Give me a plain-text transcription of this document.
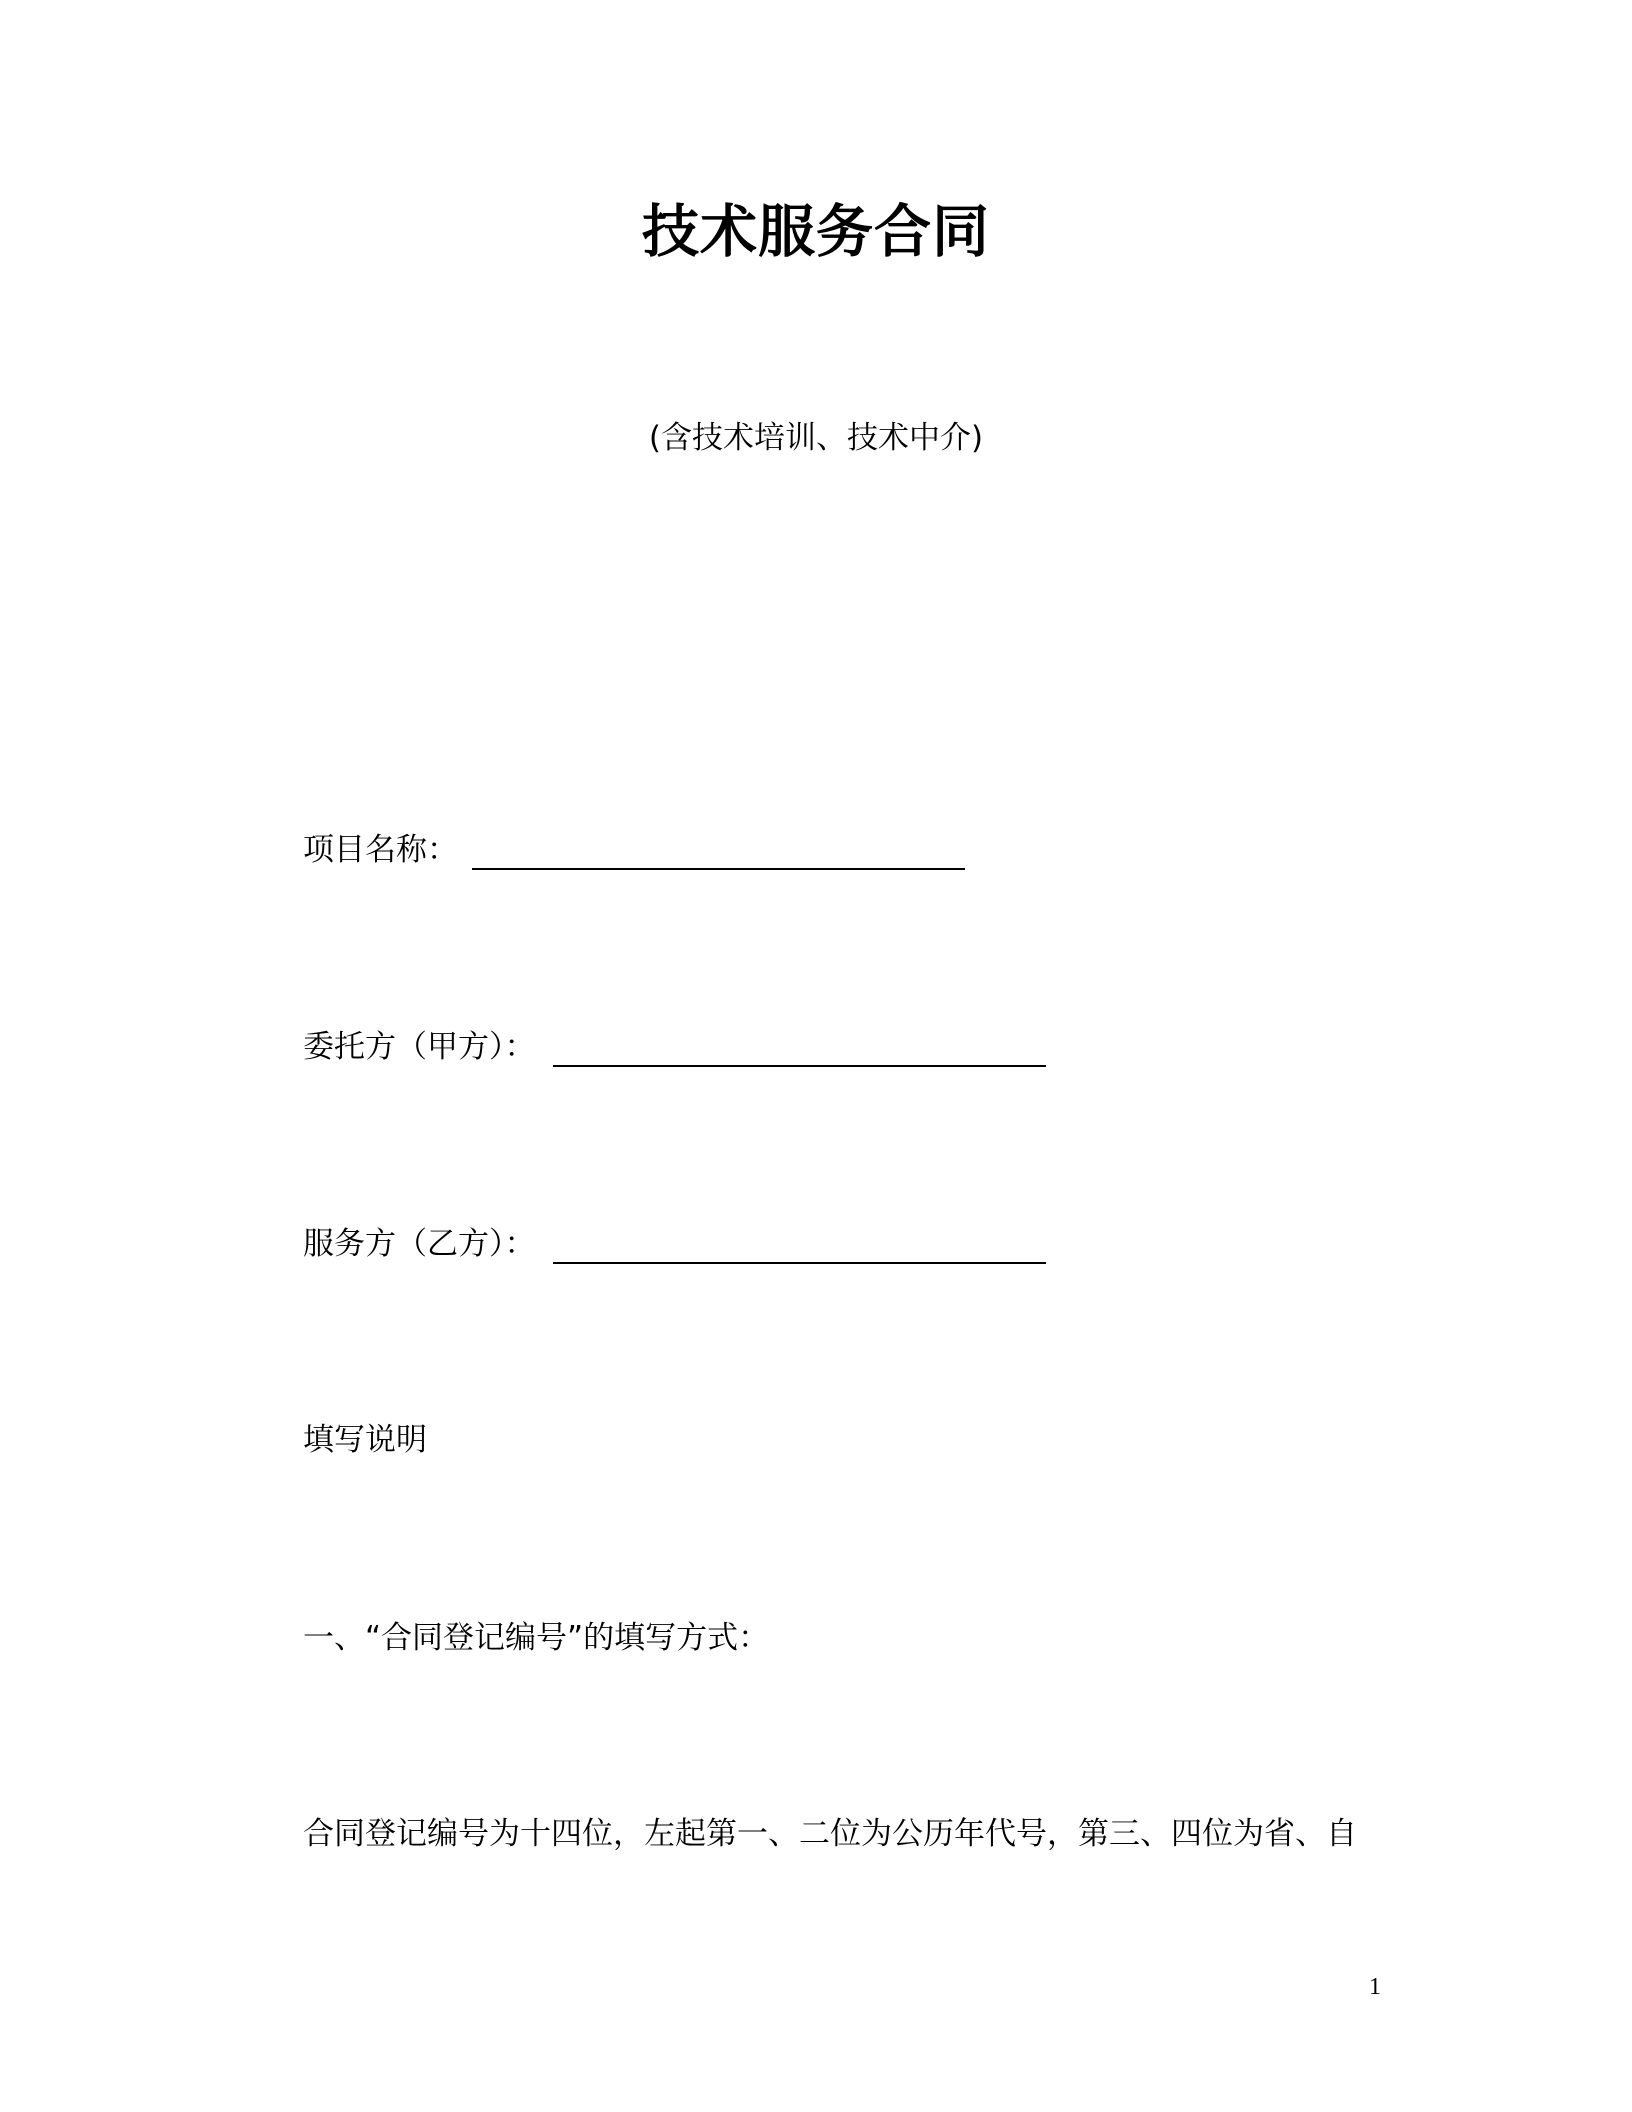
技术服务合同
(含技术培训、技术中介)
项目名称：
委托方（甲方）：
服务方（乙方）：
填写说明
一、“合同登记编号”的填写方式：
合同登记编号为十四位，左起第一、二位为公历年代号，第三、四位为省、自
1
